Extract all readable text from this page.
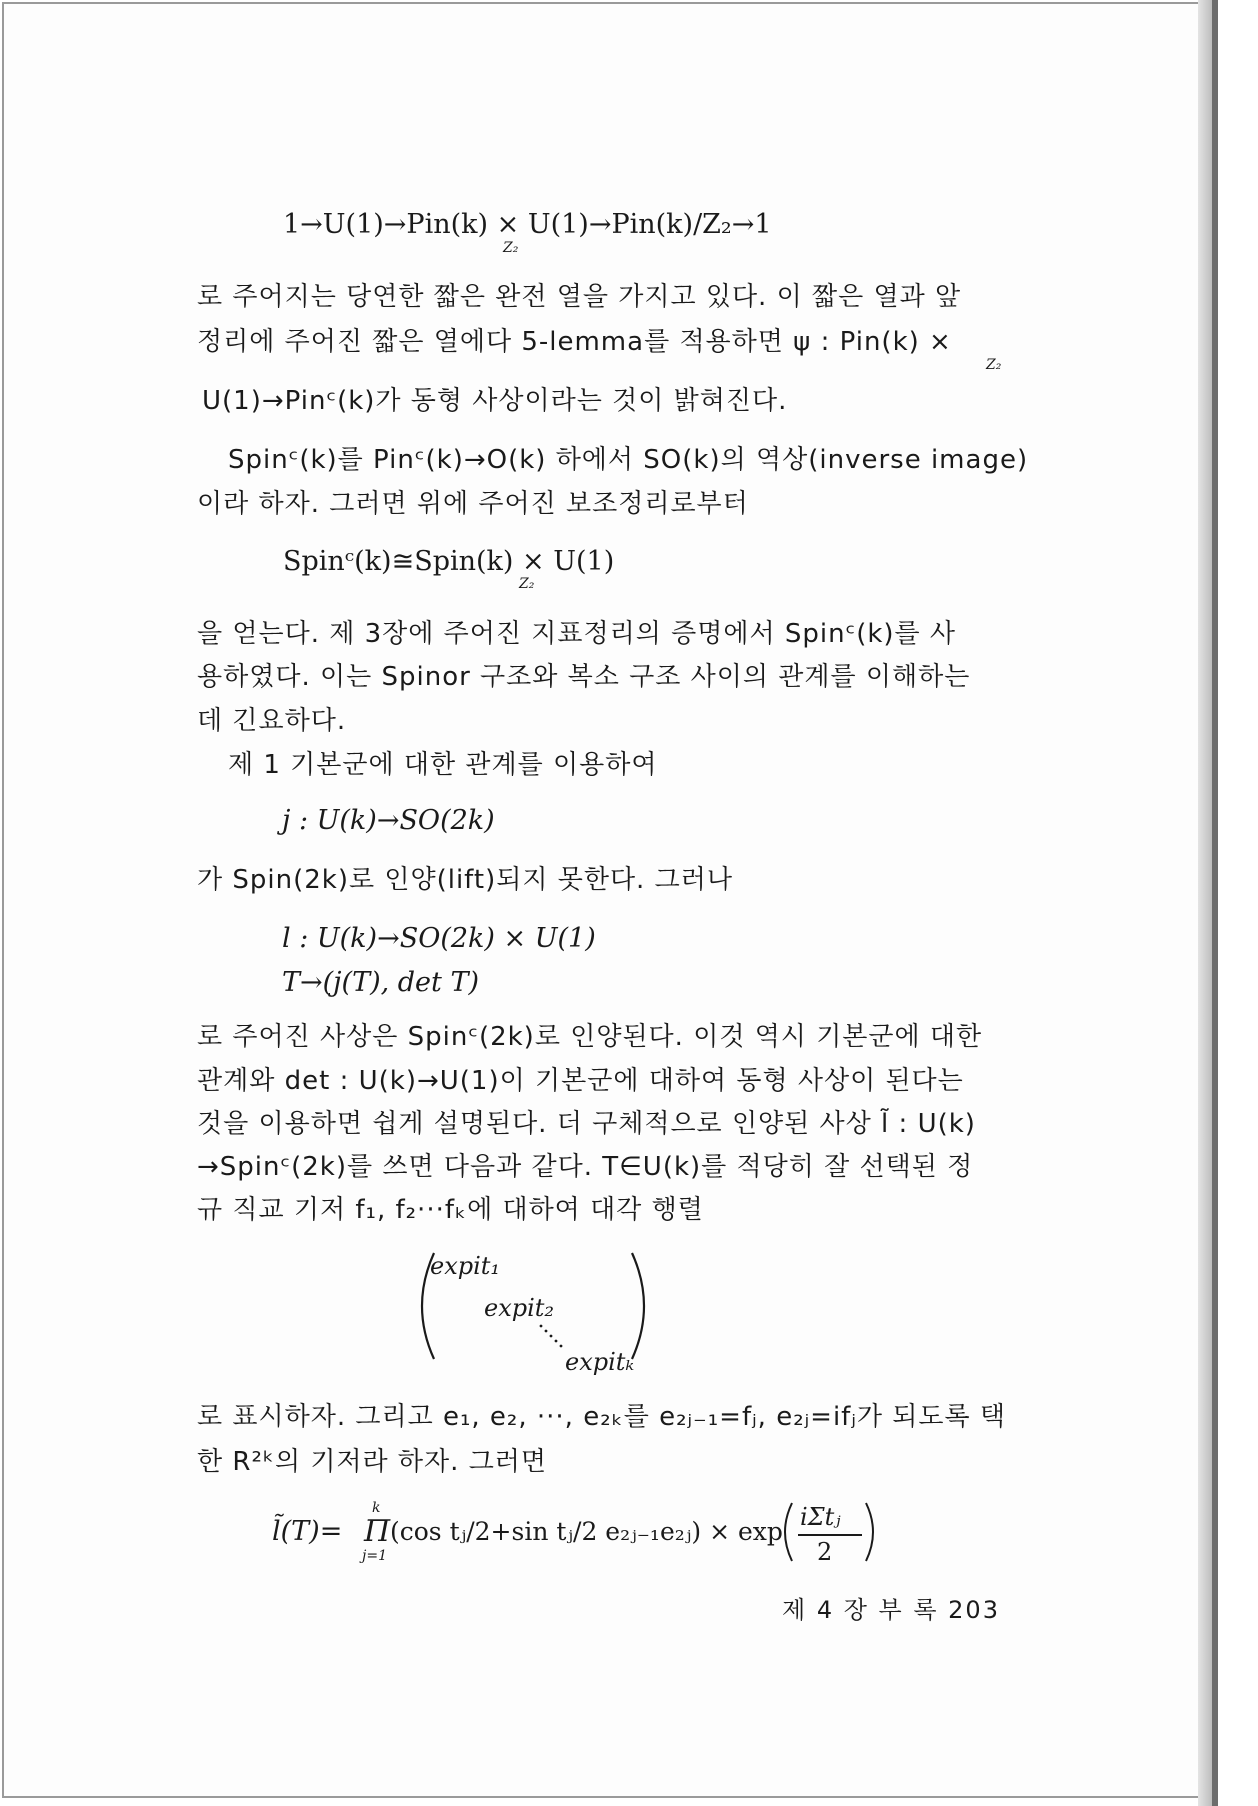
1→U(1)→Pin(k) × U(1)→Pin(k)/Z₂→1
Z₂
로 주어지는 당연한 짧은 완전 열을 가지고 있다. 이 짧은 열과 앞
정리에 주어진 짧은 열에다 5-lemma를 적용하면 ψ : Pin(k) ×
Z₂
U(1)→Pinᶜ(k)가 동형 사상이라는 것이 밝혀진다.
Spinᶜ(k)를 Pinᶜ(k)→O(k) 하에서 SO(k)의 역상(inverse image)
이라 하자. 그러면 위에 주어진 보조정리로부터
Spinᶜ(k)≅Spin(k) × U(1)
Z₂
을 얻는다. 제 3장에 주어진 지표정리의 증명에서 Spinᶜ(k)를 사
용하였다. 이는 Spinor 구조와 복소 구조 사이의 관계를 이해하는
데 긴요하다.
제 1 기본군에 대한 관계를 이용하여
j : U(k)→SO(2k)
가 Spin(2k)로 인양(lift)되지 못한다. 그러나
l : U(k)→SO(2k) × U(1)
T→(j(T), det T)
로 주어진 사상은 Spinᶜ(2k)로 인양된다. 이것 역시 기본군에 대한
관계와 det : U(k)→U(1)이 기본군에 대하여 동형 사상이 된다는
것을 이용하면 쉽게 설명된다. 더 구체적으로 인양된 사상 l̃ : U(k)
→Spinᶜ(2k)를 쓰면 다음과 같다. T∈U(k)를 적당히 잘 선택된 정
규 직교 기저 f₁, f₂···fₖ에 대하여 대각 행렬
expit₁
expit₂
expitₖ
로 표시하자. 그리고 e₁, e₂, ···, e₂ₖ를 e₂ⱼ₋₁=fⱼ, e₂ⱼ=ifⱼ가 되도록 택
한 R²ᵏ의 기저라 하자. 그러면
l̃(T)= Π
k
j=1
(cos tⱼ/2+sin tⱼ/2 e₂ⱼ₋₁e₂ⱼ) × exp iΣtⱼ
2
제 4 장 부 록 203
